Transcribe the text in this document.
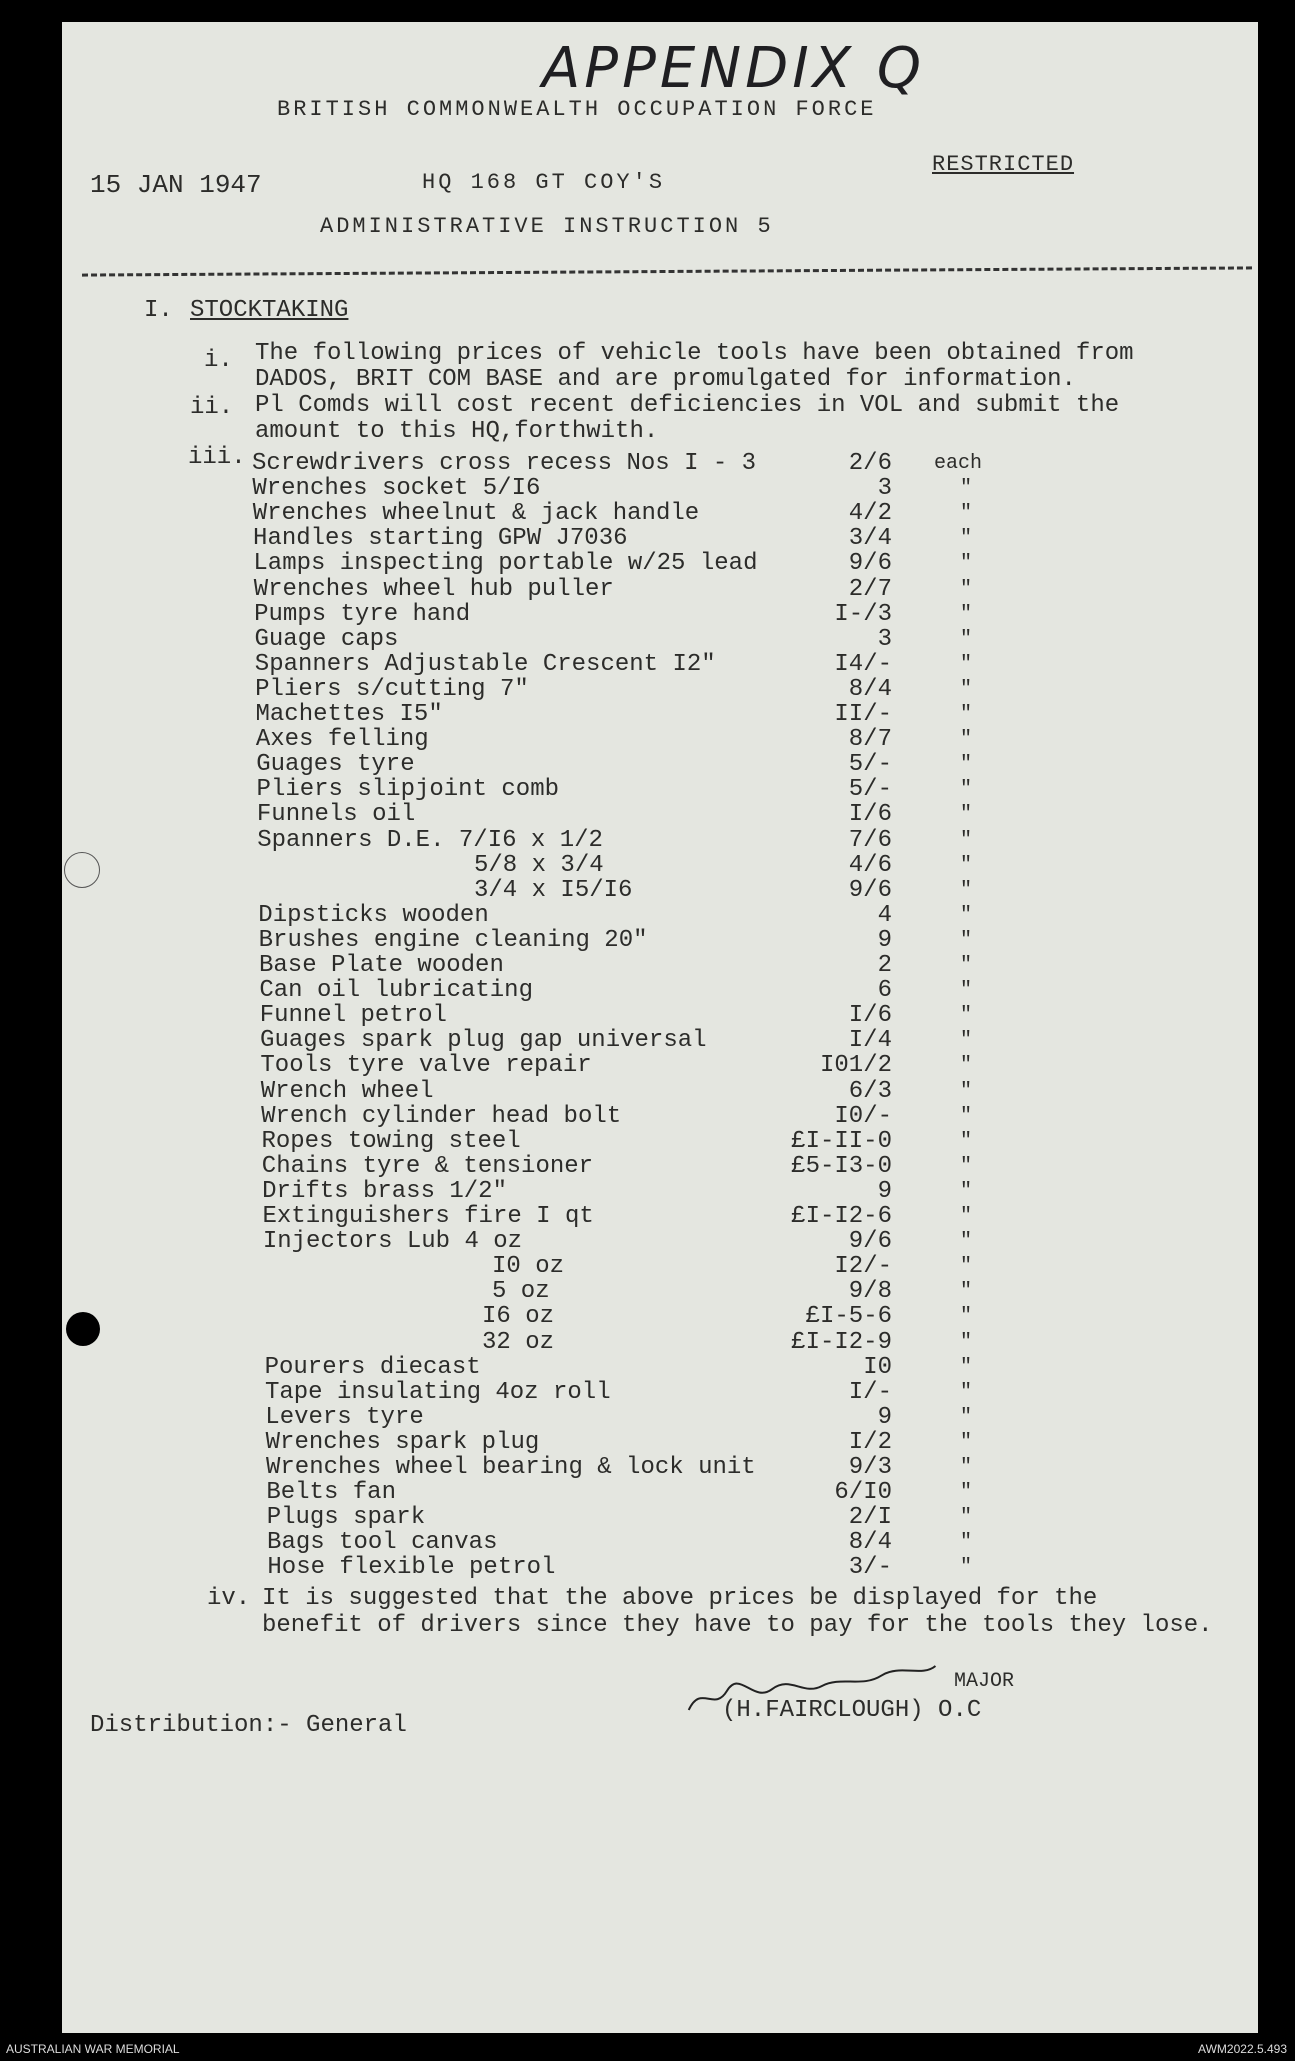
APPENDIX Q
BRITISH COMMONWEALTH OCCUPATION FORCE
15 JAN 1947	HQ 168 GT COY'S
RESTRICTED
ADMINISTRATIVE INSTRUCTION 5
I. STOCKTAKING
i. The following prices of vehicle tools have been obtained from
DADOS, BRIT COM BASE and are promulgated for information.
ii. Pl Comds will cost recent deficiencies in VOL and submit the
amount to this HQ,forthwith.
iii. Screwdrivers cross recess Nos I - 3	2/6 each
Wrenches socket 5/I6	3	"
Wrenches wheelnut & jack handle	4/2	"
Handles starting GPW J7036	3/4	"
Lamps inspecting portable w/25 lead	9/6	"
Wrenches wheel hub puller	2/7	"
Pumps tyre hand	I-/3	"
Guage caps	3	"
Spanners Adjustable Crescent I2"	I4/-	"
Pliers s/cutting 7"	8/4	"
Machettes I5"	II/-	"
Axes felling	8/7	"
Guages tyre	5/-	"
Pliers slipjoint comb	5/-	"
Funnels oil	I/6	"
Spanners D.E. 7/I6 x 1/2	7/6	"
5/8 x 3/4	4/6	"
3/4 x I5/I6	9/6	"
Dipsticks wooden	4	"
Brushes engine cleaning 20"	9	"
Base Plate wooden	2	"
Can oil lubricating	6	"
Funnel petrol	I/6	"
Guages spark plug gap universal	I/4	"
Tools tyre valve repair	I01/2	"
Wrench wheel	6/3	"
Wrench cylinder head bolt	I0/-	"
Ropes towing steel	£I-II-0	"
Chains tyre & tensioner	£5-I3-0	"
Drifts brass 1/2"	9	"
Extinguishers fire I qt	£I-I2-6	"
Injectors Lub 4 oz	9/6	"
I0 oz	I2/-	"
5 oz	9/8	"
I6 oz	£I-5-6	"
32 oz	£I-I2-9	"
Pourers diecast	I0	"
Tape insulating 4oz roll	I/-	"
Levers tyre	9	"
Wrenches spark plug	I/2	"
Wrenches wheel bearing & lock unit	9/3	"
Belts fan	6/I0	"
Plugs spark	2/I	"
Bags tool canvas	8/4	"
Hose flexible petrol	3/-	"
iv. It is suggested that the above prices be displayed for the
benefit of drivers since they have to pay for the tools they lose.
MAJOR
(H.FAIRCLOUGH) O.C
Distribution:- General
AUSTRALIAN WAR MEMORIAL	AWM2022.5.493
